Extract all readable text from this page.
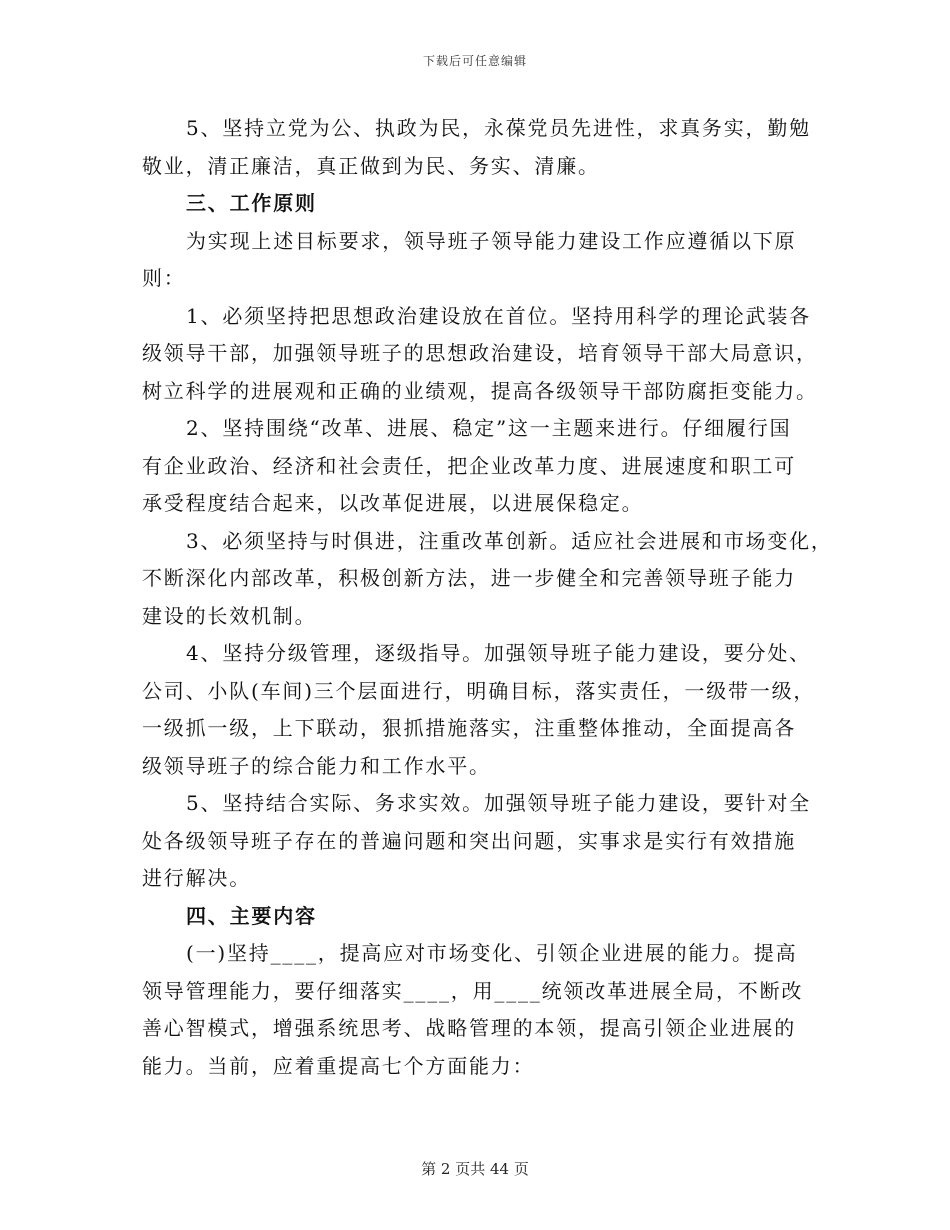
下载后可任意编辑
5、坚持立党为公、执政为民，永葆党员先进性，求真务实，勤勉
敬业，清正廉洁，真正做到为民、务实、清廉。
三、工作原则
为实现上述目标要求，领导班子领导能力建设工作应遵循以下原
则：
1、必须坚持把思想政治建设放在首位。坚持用科学的理论武装各
级领导干部，加强领导班子的思想政治建设，培育领导干部大局意识，
树立科学的进展观和正确的业绩观，提高各级领导干部防腐拒变能力。
2、坚持围绕“改革、进展、稳定”这一主题来进行。仔细履行国
有企业政治、经济和社会责任，把企业改革力度、进展速度和职工可
承受程度结合起来，以改革促进展，以进展保稳定。
3、必须坚持与时俱进，注重改革创新。适应社会进展和市场变化，
不断深化内部改革，积极创新方法，进一步健全和完善领导班子能力
建设的长效机制。
4、坚持分级管理，逐级指导。加强领导班子能力建设，要分处、
公司、小队(车间)三个层面进行，明确目标，落实责任，一级带一级，
一级抓一级，上下联动，狠抓措施落实，注重整体推动，全面提高各
级领导班子的综合能力和工作水平。
5、坚持结合实际、务求实效。加强领导班子能力建设，要针对全
处各级领导班子存在的普遍问题和突出问题，实事求是实行有效措施
进行解决。
四、主要内容
(一)坚持____，提高应对市场变化、引领企业进展的能力。提高
领导管理能力，要仔细落实____，用____统领改革进展全局，不断改
善心智模式，增强系统思考、战略管理的本领，提高引领企业进展的
能力。当前，应着重提高七个方面能力：
第 2 页共 44 页
